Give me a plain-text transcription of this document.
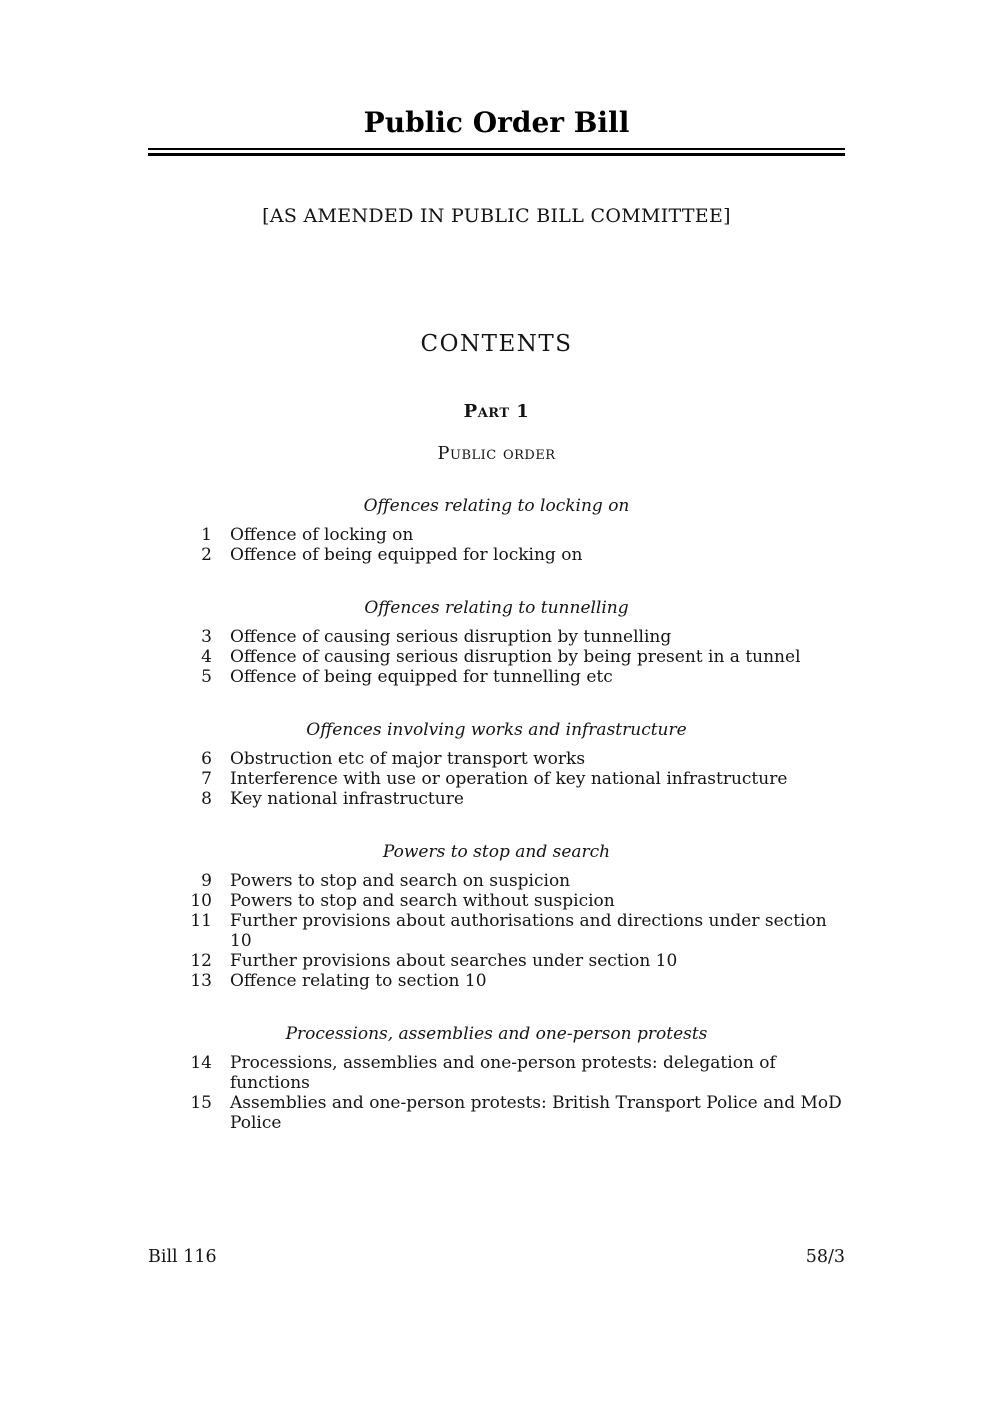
Public Order Bill
[AS AMENDED IN PUBLIC BILL COMMITTEE]
CONTENTS
Part 1
Public order
Offences relating to locking on
1	Offence of locking on
2	Offence of being equipped for locking on
Offences relating to tunnelling
3	Offence of causing serious disruption by tunnelling
4	Offence of causing serious disruption by being present in a tunnel
5	Offence of being equipped for tunnelling etc
Offences involving works and infrastructure
6	Obstruction etc of major transport works
7	Interference with use or operation of key national infrastructure
8	Key national infrastructure
Powers to stop and search
9	Powers to stop and search on suspicion
10	Powers to stop and search without suspicion
11	Further provisions about authorisations and directions under section 10
12	Further provisions about searches under section 10
13	Offence relating to section 10
Processions, assemblies and one-person protests
14	Processions, assemblies and one-person protests: delegation of functions
15	Assemblies and one-person protests: British Transport Police and MoD Police
Bill 116	58/3
